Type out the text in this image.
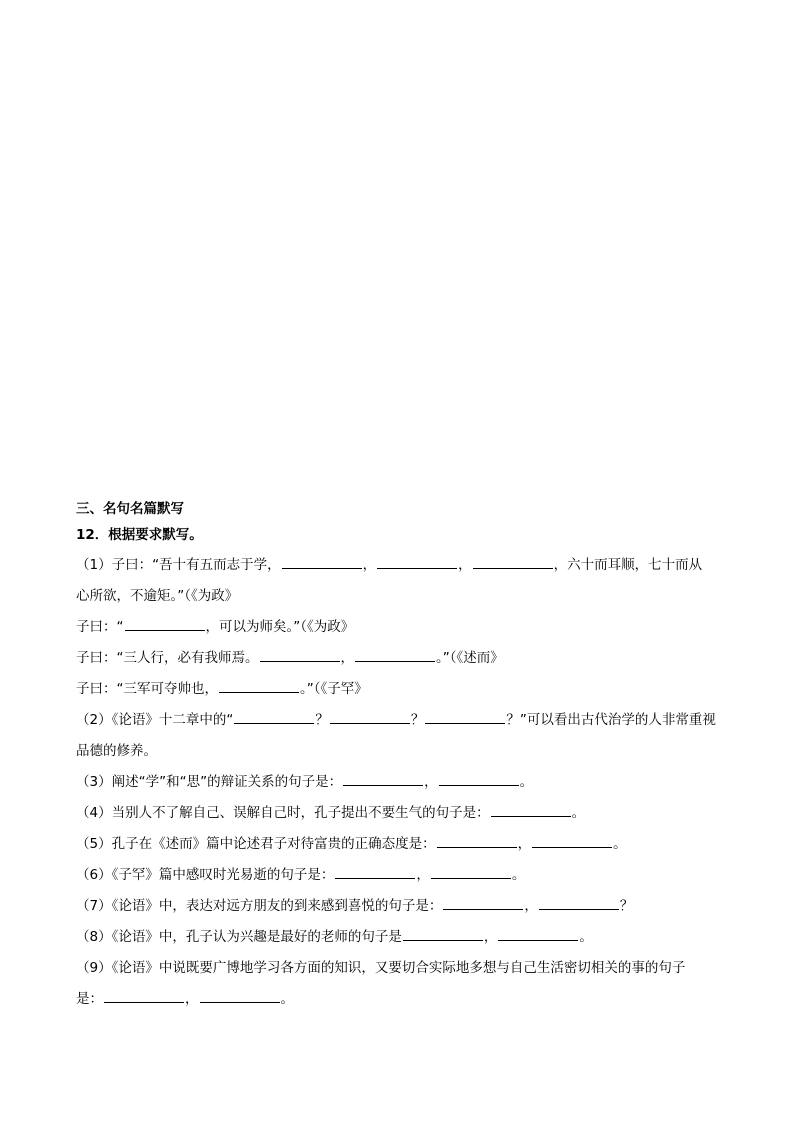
三、名句名篇默写
12．根据要求默写。
（1）子曰：“吾十有五而志于学，	，	，	，六十而耳顺，七十而从
心所欲，不逾矩。”（《为政》
子曰：“	，可以为师矣。”（《为政》
子曰：“三人行，必有我师焉。	，	。”（《述而》
子曰：“三军可夺帅也，	。”（《子罕》
（2）《论语》十二章中的“	？	？	？”可以看出古代治学的人非常重视
品德的修养。
（3）阐述“学”和“思”的辩证关系的句子是：	，	。
（4）当别人不了解自己、误解自己时，孔子提出不要生气的句子是：	。
（5）孔子在《述而》篇中论述君子对待富贵的正确态度是：	，	。
（6）《子罕》篇中感叹时光易逝的句子是：	，	。
（7）《论语》中，表达对远方朋友的到来感到喜悦的句子是：	，	？
（8）《论语》中，孔子认为兴趣是最好的老师的句子是	，	。
（9）《论语》中说既要广博地学习各方面的知识，又要切合实际地多想与自己生活密切相关的事的句子
是：	，	。
